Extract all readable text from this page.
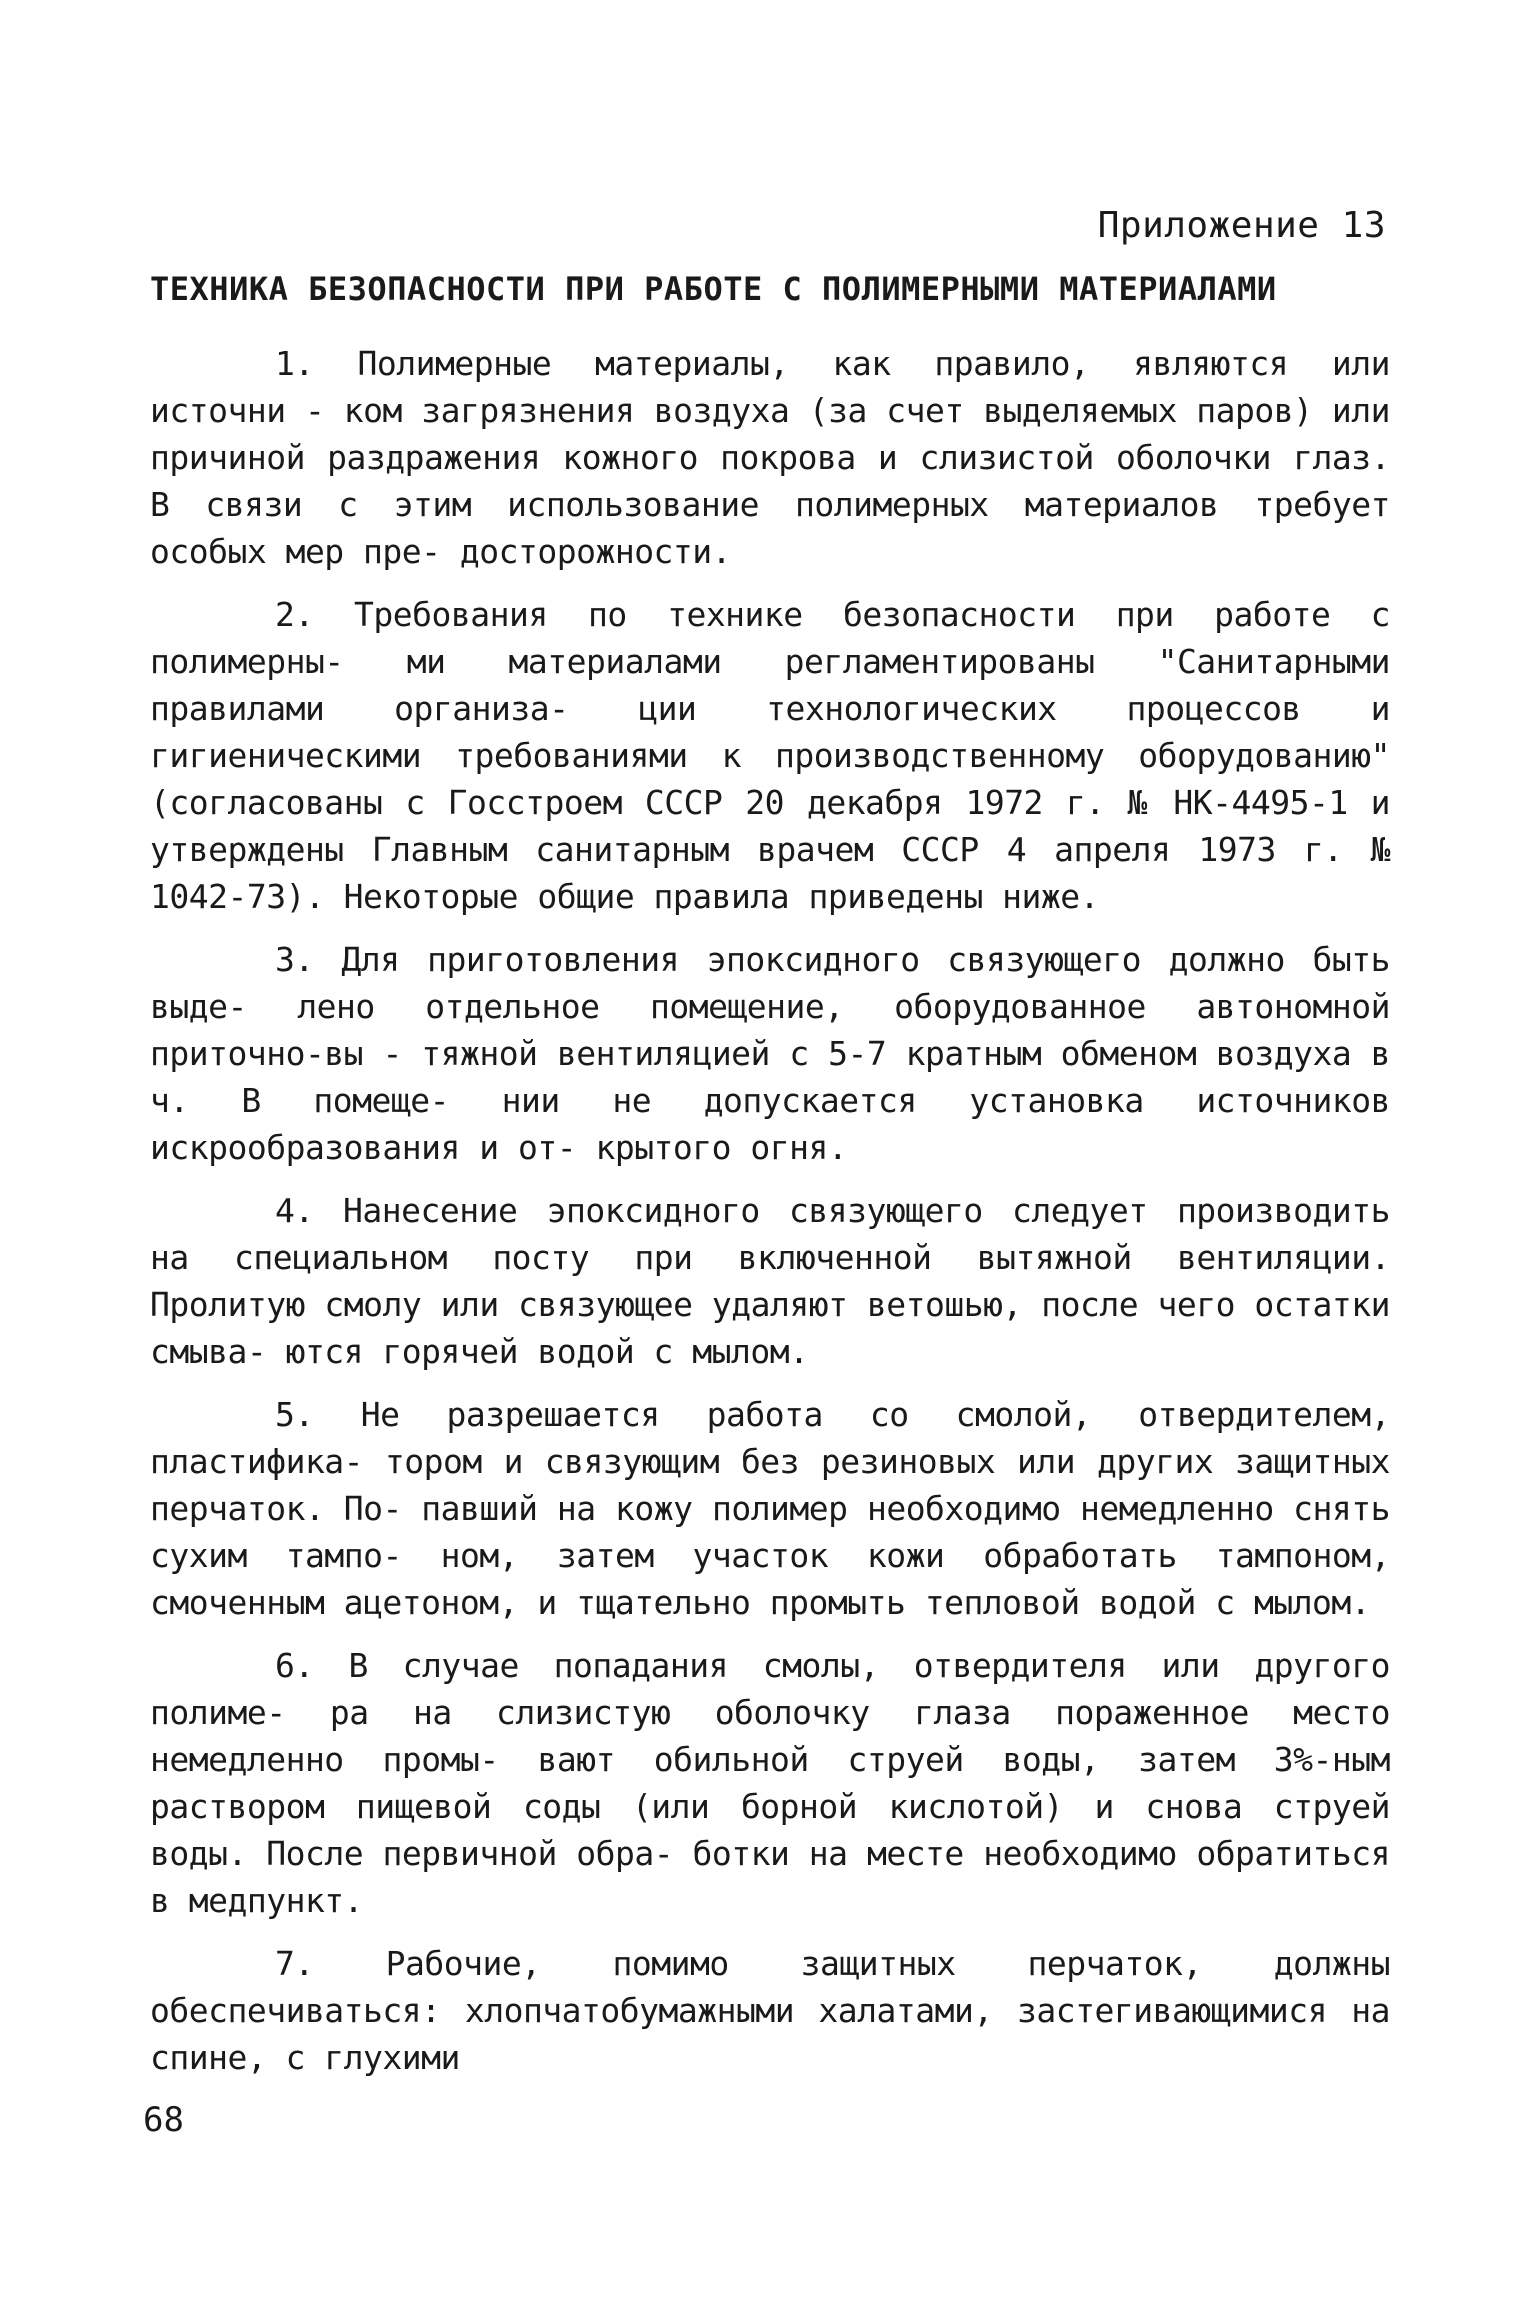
Приложение 13
ТЕХНИКА БЕЗОПАСНОСТИ ПРИ РАБОТЕ С ПОЛИМЕРНЫМИ МАТЕРИАЛАМИ

1. Полимерные материалы, как правило, являются или источни - ком загрязнения воздуха (за счет выделяемых паров) или причиной раздражения кожного покрова и слизистой оболочки глаз. В связи с этим использование полимерных материалов требует особых мер пре- досторожности.

2. Требования по технике безопасности при работе с полимерны- ми материалами регламентированы "Санитарными правилами организа- ции технологических процессов и гигиеническими требованиями к производственному оборудованию" (согласованы с Госстроем СССР 20 декабря 1972 г. № НК-4495-1 и утверждены Главным санитарным врачем СССР 4 апреля 1973 г. № 1042-73). Некоторые общие правила приведены ниже.

3. Для приготовления эпоксидного связующего должно быть выде- лено отдельное помещение, оборудованное автономной приточно-вы - тяжной вентиляцией с 5-7 кратным обменом воздуха в ч. В помеще- нии не допускается установка источников искрообразования и от- крытого огня.

4. Нанесение эпоксидного связующего следует производить на специальном посту при включенной вытяжной вентиляции. Пролитую смолу или связующее удаляют ветошью, после чего остатки смыва- ются горячей водой с мылом.

5. Не разрешается работа со смолой, отвердителем, пластифика- тором и связующим без резиновых или других защитных перчаток. По- павший на кожу полимер необходимо немедленно снять сухим тампо- ном, затем участок кожи обработать тампоном, смоченным ацетоном, и тщательно промыть тепловой водой с мылом.

6. В случае попадания смолы, отвердителя или другого полиме- ра на слизистую оболочку глаза пораженное место немедленно промы- вают обильной струей воды, затем 3%-ным раствором пищевой соды (или борной кислотой) и снова струей воды. После первичной обра- ботки на месте необходимо обратиться в медпункт.

7. Рабочие, помимо защитных перчаток, должны обеспечиваться: хлопчатобумажными халатами, застегивающимися на спине, с глухими

68
